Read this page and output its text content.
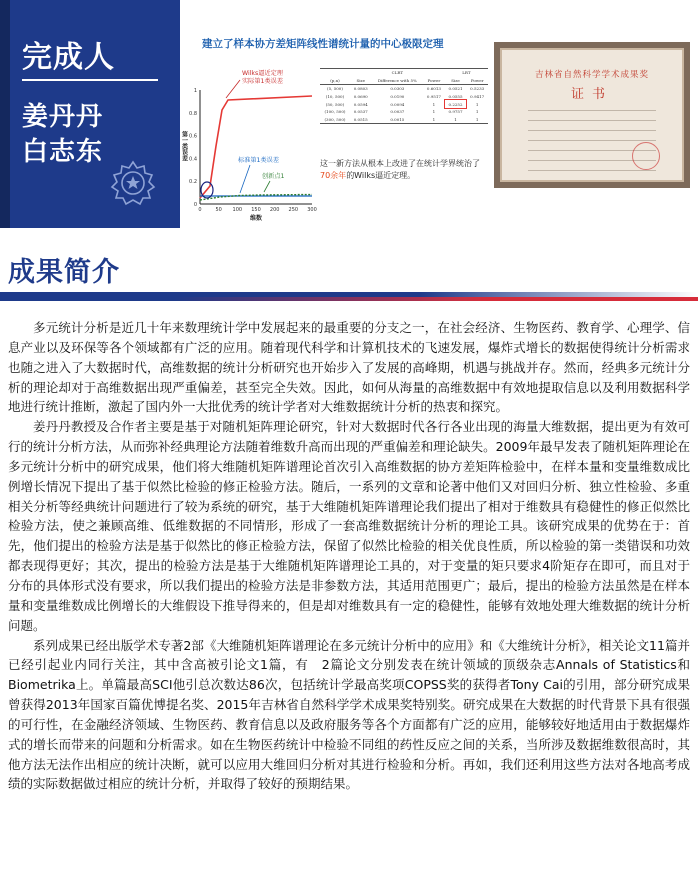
完成人
姜丹丹
白志东
0	50 100 150 200 250 300
0
0.2
0.4
0.6
0.8
1
维数
第一类误差
Wilks逼近定理
实际第1类误差
标准第1类误差
创新点1
建立了样本协方差矩阵线性谱统计量的中心极限定理
	CLRT			LRT	
(p,n)	Size	Difference with 5%	Power	Size	Power
(5, 500)	0.0803	0.0303	0.6013	0.0521	0.5233
(10, 500)	0.0690	0.0190	0.9517	0.0555	0.9417
(50, 500)	0.0594	0.0094	1	0.2252	1
(100, 500)	0.0537	0.0037	1	0.9757	1
(300, 500)	0.0515	0.0015	1	1	1
这一新方法从根本上改进了在统计学界统治了70余年的Wilks逼近定理。
吉林省自然科学学术成果奖
证书
成果简介

多元统计分析是近几十年来数理统计学中发展起来的最重要的分支之一，在社会经济、生物医药、教育学、心理学、信息产业以及环保等各个领域都有广泛的应用。随着现代科学和计算机技术的飞速发展，爆炸式增长的数据使得统计分析需求也随之进入了大数据时代，高维数据的统计分析研究也开始步入了发展的高峰期，机遇与挑战并存。然而，经典多元统计分析的理论却对于高维数据出现严重偏差，甚至完全失效。因此，如何从海量的高维数据中有效地提取信息以及利用数据科学地进行统计推断，激起了国内外一大批优秀的统计学者对大维数据统计分析的热衷和探究。

姜丹丹教授及合作者主要是基于对随机矩阵理论研究，针对大数据时代各行各业出现的海量大维数据，提出更为有效可行的统计分析方法，从而弥补经典理论方法随着维数升高而出现的严重偏差和理论缺失。2009年最早发表了随机矩阵理论在多元统计分析中的研究成果，他们将大维随机矩阵谱理论首次引入高维数据的协方差矩阵检验中，在样本量和变量维数成比例增长情况下提出了基于似然比检验的修正检验方法。随后，一系列的文章和论著中他们又对回归分析、独立性检验、多重相关分析等经典统计问题进行了较为系统的研究，基于大维随机矩阵谱理论我们提出了相对于维数具有稳健性的修正似然比检验方法，使之兼顾高维、低维数据的不同情形，形成了一套高维数据统计分析的理论工具。该研究成果的优势在于：首先，他们提出的检验方法是基于似然比的修正检验方法，保留了似然比检验的相关优良性质，所以检验的第一类错误和功效都表现得更好；其次，提出的检验方法是基于大维随机矩阵谱理论工具的，对于变量的矩只要求4阶矩存在即可，而且对于分布的具体形式没有要求，所以我们提出的检验方法是非参数方法，其适用范围更广；最后，提出的检验方法虽然是在样本量和变量维数成比例增长的大维假设下推导得来的，但是却对维数具有一定的稳健性，能够有效地处理大维数据的统计分析问题。

系列成果已经出版学术专著2部《大维随机矩阵谱理论在多元统计分析中的应用》和《大维统计分析》，相关论文11篇并已经引起业内同行关注，其中含高被引论文1篇，有　2篇论文分别发表在统计领域的顶级杂志Annals of Statistics和Biometrika上。单篇最高SCI他引总次数达86次，包括统计学最高奖项COPSS奖的获得者Tony Cai的引用，部分研究成果曾获得2013年国家百篇优博提名奖、2015年吉林省自然科学学术成果奖特别奖。研究成果在大数据的时代背景下具有很强的可行性，在金融经济领域、生物医药、教育信息以及政府服务等各个方面都有广泛的应用，能够较好地适用由于数据爆炸式的增长而带来的问题和分析需求。如在生物医药统计中检验不同组的药性反应之间的关系，当所涉及数据维数很高时，其他方法无法作出相应的统计决断，就可以应用大维回归分析对其进行检验和分析。再如，我们还利用这些方法对各地高考成绩的实际数据做过相应的统计分析，并取得了较好的预期结果。
